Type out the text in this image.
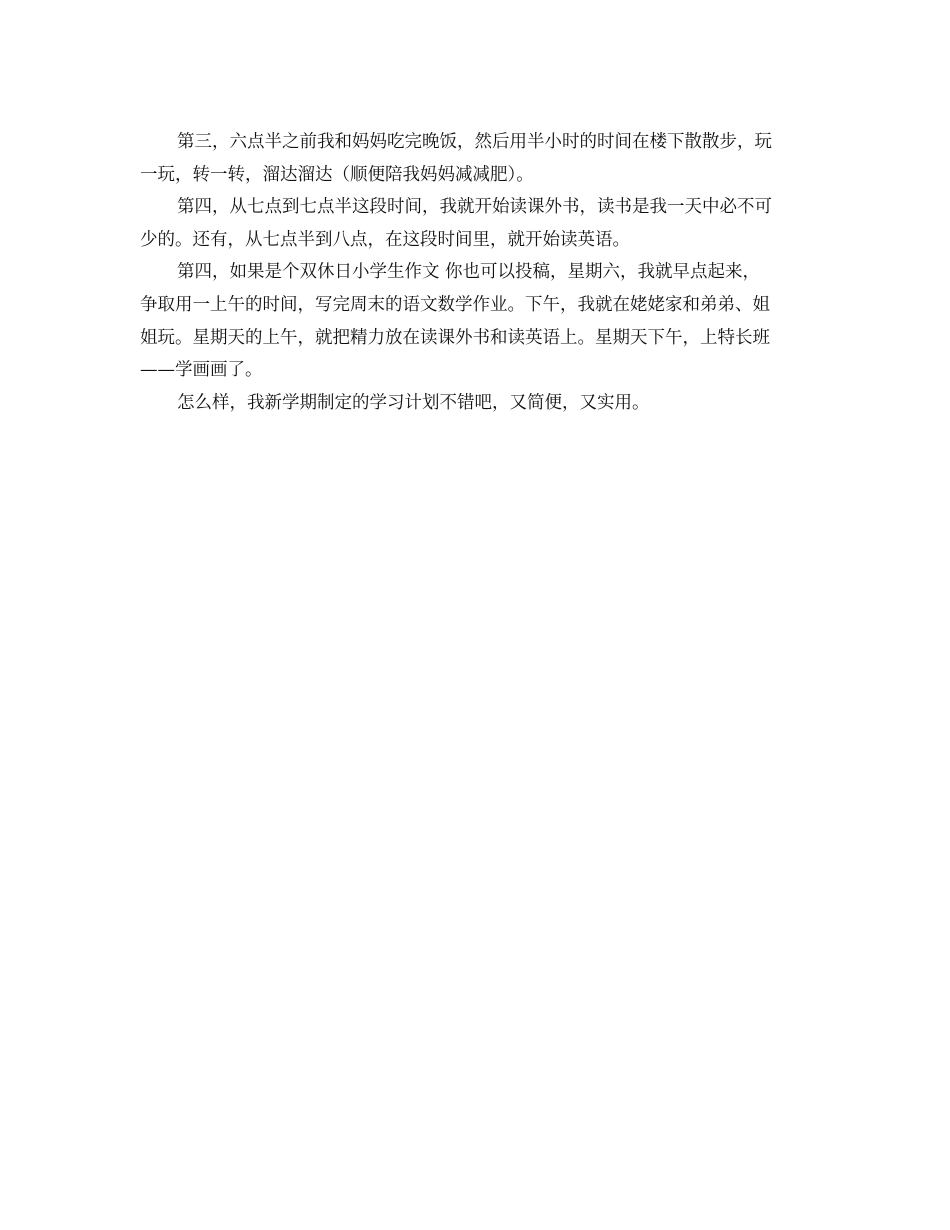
第三，六点半之前我和妈妈吃完晚饭，然后用半小时的时间在楼下散散步，玩
一玩，转一转，溜达溜达（顺便陪我妈妈减减肥）。
第四，从七点到七点半这段时间，我就开始读课外书，读书是我一天中必不可
少的。还有，从七点半到八点，在这段时间里，就开始读英语。
第四，如果是个双休日小学生作文 你也可以投稿，星期六，我就早点起来，
争取用一上午的时间，写完周末的语文数学作业。下午，我就在姥姥家和弟弟、姐
姐玩。星期天的上午，就把精力放在读课外书和读英语上。星期天下午，上特长班
——学画画了。
怎么样，我新学期制定的学习计划不错吧，又简便，又实用。
